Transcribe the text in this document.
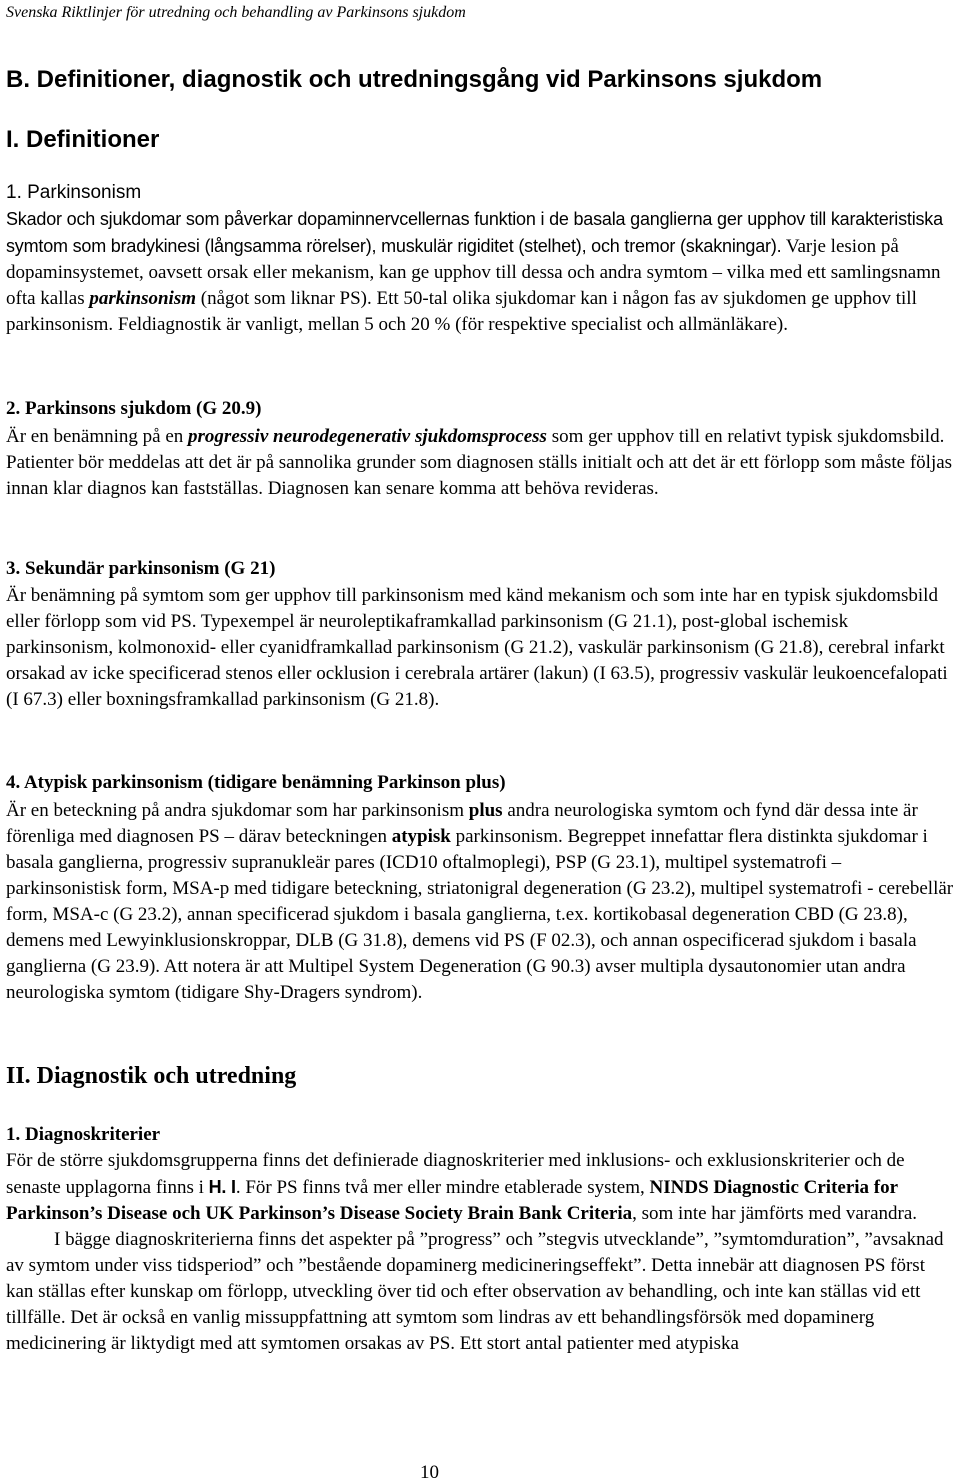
Svenska Riktlinjer för utredning och behandling av Parkinsons sjukdom
B. Definitioner, diagnostik och utredningsgång vid Parkinsons sjukdom
I. Definitioner
1. Parkinsonism
Skador och sjukdomar som påverkar dopaminnervcellernas funktion i de basala ganglierna ger upphov till karakteristiska symtom som bradykinesi (långsamma rörelser), muskulär rigiditet (stelhet), och tremor (skakningar). Varje lesion på dopaminsystemet, oavsett orsak eller mekanism, kan ge upphov till dessa och andra symtom – vilka med ett samlingsnamn ofta kallas parkinsonism (något som liknar PS). Ett 50-tal olika sjukdomar kan i någon fas av sjukdomen ge upphov till parkinsonism. Feldiagnostik är vanligt, mellan 5 och 20 % (för respektive specialist och allmänläkare).
2. Parkinsons sjukdom (G 20.9)
Är en benämning på en progressiv neurodegenerativ sjukdomsprocess som ger upphov till en relativt typisk sjukdomsbild. Patienter bör meddelas att det är på sannolika grunder som diagnosen ställs initialt och att det är ett förlopp som måste följas innan klar diagnos kan fastställas. Diagnosen kan senare komma att behöva revideras.
3. Sekundär parkinsonism (G 21)
Är benämning på symtom som ger upphov till parkinsonism med känd mekanism och som inte har en typisk sjukdomsbild eller förlopp som vid PS. Typexempel är neuroleptikaframkallad parkinsonism (G 21.1), post-global ischemisk parkinsonism, kolmonoxid- eller cyanidframkallad parkinsonism (G 21.2), vaskulär parkinsonism (G 21.8), cerebral infarkt orsakad av icke specificerad stenos eller ocklusion i cerebrala artärer (lakun) (I 63.5), progressiv vaskulär leukoencefalopati (I 67.3) eller boxningsframkallad parkinsonism (G 21.8).
4. Atypisk parkinsonism (tidigare benämning Parkinson plus)
Är en beteckning på andra sjukdomar som har parkinsonism plus andra neurologiska symtom och fynd där dessa inte är förenliga med diagnosen PS – därav beteckningen atypisk parkinsonism. Begreppet innefattar flera distinkta sjukdomar i basala ganglierna, progressiv supranukleär pares (ICD10 oftalmoplegi), PSP (G 23.1), multipel systematrofi – parkinsonistisk form, MSA-p med tidigare beteckning, striatonigral degeneration (G 23.2), multipel systematrofi - cerebellär form, MSA-c (G 23.2), annan specificerad sjukdom i basala ganglierna, t.ex. kortikobasal degeneration CBD (G 23.8), demens med Lewyinklusionskroppar, DLB (G 31.8), demens vid PS (F 02.3), och annan ospecificerad sjukdom i basala ganglierna (G 23.9). Att notera är att Multipel System Degeneration (G 90.3) avser multipla dysautonomier utan andra neurologiska symtom (tidigare Shy-Dragers syndrom).
II. Diagnostik och utredning
1. Diagnoskriterier
För de större sjukdomsgrupperna finns det definierade diagnoskriterier med inklusions- och exklusionskriterier och de senaste upplagorna finns i H. I. För PS finns två mer eller mindre etablerade system, NINDS Diagnostic Criteria for Parkinson’s Disease och UK Parkinson’s Disease Society Brain Bank Criteria, som inte har jämförts med varandra.
I bägge diagnoskriterierna finns det aspekter på ”progress” och ”stegvis utvecklande”, ”symtomduration”, ”avsaknad av symtom under viss tidsperiod” och ”bestående dopaminerg medicineringseffekt”. Detta innebär att diagnosen PS först kan ställas efter kunskap om förlopp, utveckling över tid och efter observation av behandling, och inte kan ställas vid ett tillfälle. Det är också en vanlig missuppfattning att symtom som lindras av ett behandlingsförsök med dopaminerg medicinering är liktydigt med att symtomen orsakas av PS. Ett stort antal patienter med atypiska
10
